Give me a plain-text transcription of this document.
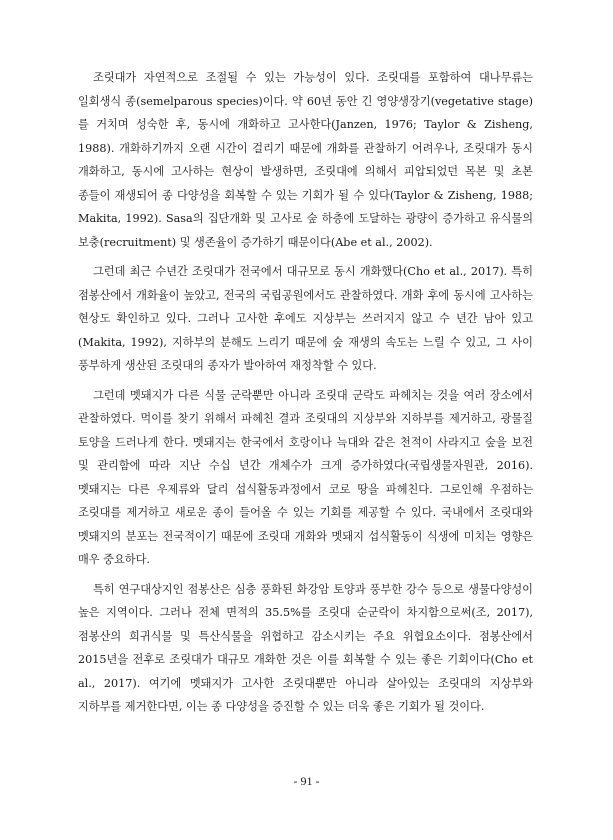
조릿대가 자연적으로 조절될 수 있는 가능성이 있다. 조릿대를 포함하여 대나무류는 일회생식 종(semelparous species)이다. 약 60년 동안 긴 영양생장기(vegetative stage)를 거치며 성숙한 후, 동시에 개화하고 고사한다(Janzen, 1976; Taylor & Zisheng, 1988). 개화하기까지 오랜 시간이 걸리기 때문에 개화를 관찰하기 어려우나, 조릿대가 동시 개화하고, 동시에 고사하는 현상이 발생하면, 조릿대에 의해서 피압되었던 목본 및 초본 종들이 재생되어 종 다양성을 회복할 수 있는 기회가 될 수 있다(Taylor & Zisheng, 1988; Makita, 1992). Sasa의 집단개화 및 고사로 숲 하층에 도달하는 광량이 증가하고 유식물의 보충(recruitment) 및 생존율이 증가하기 때문이다(Abe et al., 2002).

그런데 최근 수년간 조릿대가 전국에서 대규모로 동시 개화했다(Cho et al., 2017). 특히 점봉산에서 개화율이 높았고, 전국의 국립공원에서도 관찰하였다. 개화 후에 동시에 고사하는 현상도 확인하고 있다. 그러나 고사한 후에도 지상부는 쓰러지지 않고 수 년간 남아 있고(Makita, 1992), 지하부의 분해도 느리기 때문에 숲 재생의 속도는 느릴 수 있고, 그 사이 풍부하게 생산된 조릿대의 종자가 발아하여 재정착할 수 있다.

그런데 멧돼지가 다른 식물 군락뿐만 아니라 조릿대 군락도 파헤치는 것을 여러 장소에서 관찰하였다. 먹이를 찾기 위해서 파헤친 결과 조릿대의 지상부와 지하부를 제거하고, 광물질 토양을 드러나게 한다. 멧돼지는 한국에서 호랑이나 늑대와 같은 천적이 사라지고 숲을 보전 및 관리함에 따라 지난 수십 년간 개체수가 크게 증가하였다(국립생물자원관, 2016). 멧돼지는 다른 우제류와 달리 섭식활동과정에서 코로 땅을 파헤친다. 그로인해 우점하는 조릿대를 제거하고 새로운 종이 들어올 수 있는 기회를 제공할 수 있다. 국내에서 조릿대와 멧돼지의 분포는 전국적이기 때문에 조릿대 개화와 멧돼지 섭식활동이 식생에 미치는 영향은 매우 중요하다.

특히 연구대상지인 점봉산은 심층 풍화된 화강암 토양과 풍부한 강수 등으로 생물다양성이 높은 지역이다. 그러나 전체 면적의 35.5%를 조릿대 순군락이 차지함으로써(조, 2017), 점봉산의 희귀식물 및 특산식물을 위협하고 감소시키는 주요 위협요소이다. 점봉산에서 2015년을 전후로 조릿대가 대규모 개화한 것은 이를 회복할 수 있는 좋은 기회이다(Cho et al., 2017). 여기에 멧돼지가 고사한 조릿대뿐만 아니라 살아있는 조릿대의 지상부와 지하부를 제거한다면, 이는 종 다양성을 증진할 수 있는 더욱 좋은 기회가 될 것이다.

- 91 -
